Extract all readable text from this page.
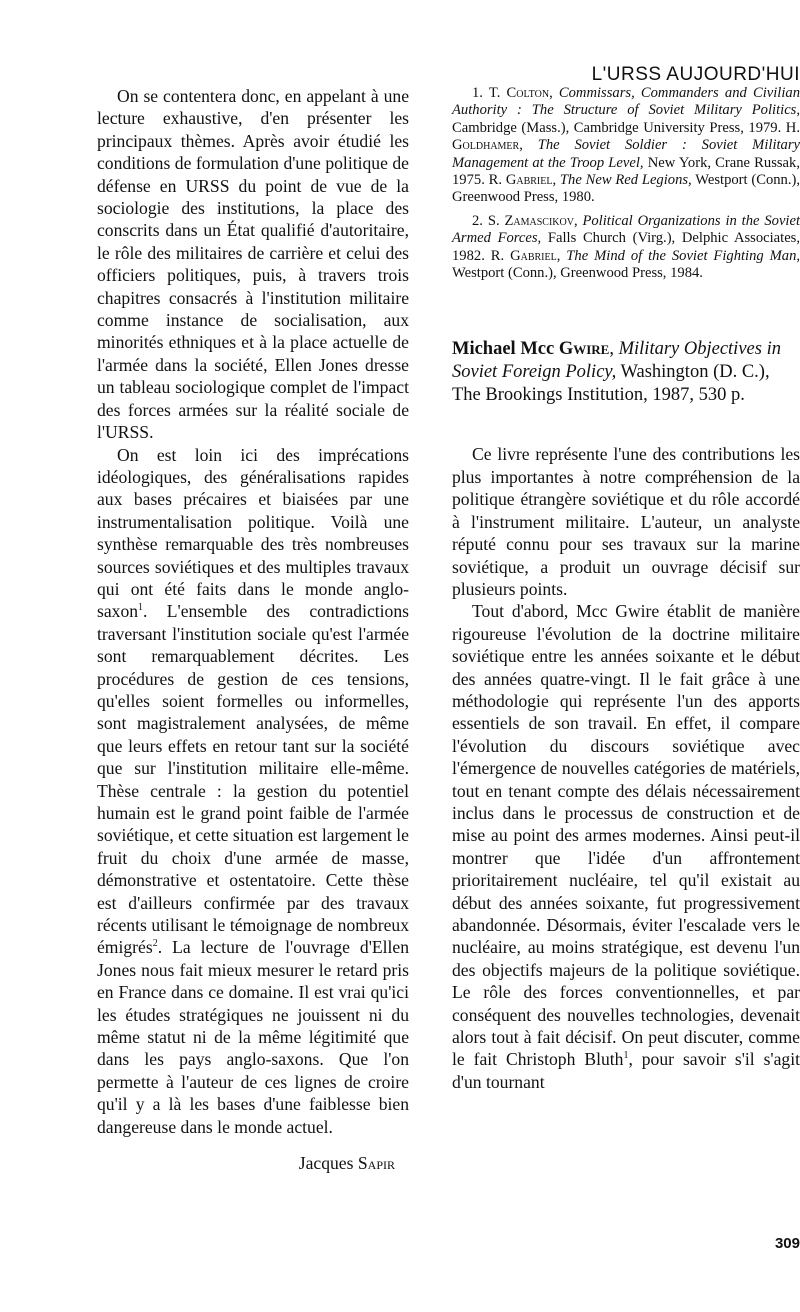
L'URSS AUJOURD'HUI

On se contentera donc, en appelant à une lecture exhaustive, d'en présenter les principaux thèmes. Après avoir étudié les conditions de formulation d'une politique de défense en URSS du point de vue de la sociologie des institutions, la place des conscrits dans un État qualifié d'autoritaire, le rôle des militaires de carrière et celui des officiers politiques, puis, à travers trois chapitres consacrés à l'institution militaire comme instance de socialisation, aux minorités ethniques et à la place actuelle de l'armée dans la société, Ellen Jones dresse un tableau sociologique complet de l'impact des forces armées sur la réalité sociale de l'URSS.

On est loin ici des imprécations idéologiques, des généralisations rapides aux bases précaires et biaisées par une instrumentalisation politique. Voilà une synthèse remarquable des très nombreuses sources soviétiques et des multiples travaux qui ont été faits dans le monde anglo-saxon$^1$. L'ensemble des contradictions traversant l'institution sociale qu'est l'armée sont remarquablement décrites. Les procédures de gestion de ces tensions, qu'elles soient formelles ou informelles, sont magistralement analysées, de même que leurs effets en retour tant sur la société que sur l'institution militaire elle-même. Thèse centrale : la gestion du potentiel humain est le grand point faible de l'armée soviétique, et cette situation est largement le fruit du choix d'une armée de masse, démonstrative et ostentatoire. Cette thèse est d'ailleurs confirmée par des travaux récents utilisant le témoignage de nombreux émigrés$^2$. La lecture de l'ouvrage d'Ellen Jones nous fait mieux mesurer le retard pris en France dans ce domaine. Il est vrai qu'ici les études stratégiques ne jouissent ni du même statut ni de la même légitimité que dans les pays anglo-saxons. Que l'on permette à l'auteur de ces lignes de croire qu'il y a là les bases d'une faiblesse bien dangereuse dans le monde actuel.

Jacques Sapir

1. T. Colton, Commissars, Commanders and Civilian Authority : The Structure of Soviet Military Politics, Cambridge (Mass.), Cambridge University Press, 1979. H. Goldhamer, The Soviet Soldier : Soviet Military Management at the Troop Level, New York, Crane Russak, 1975. R. Gabriel, The New Red Legions, Westport (Conn.), Greenwood Press, 1980.

2. S. Zamascikov, Political Organizations in the Soviet Armed Forces, Falls Church (Virg.), Delphic Associates, 1982. R. Gabriel, The Mind of the Soviet Fighting Man, Westport (Conn.), Greenwood Press, 1984.

Michael Mcc Gwire, Military Objectives in Soviet Foreign Policy, Washington (D. C.), The Brookings Institution, 1987, 530 p.

Ce livre représente l'une des contributions les plus importantes à notre compréhension de la politique étrangère soviétique et du rôle accordé à l'instrument militaire. L'auteur, un analyste réputé connu pour ses travaux sur la marine soviétique, a produit un ouvrage décisif sur plusieurs points.

Tout d'abord, Mcc Gwire établit de manière rigoureuse l'évolution de la doctrine militaire soviétique entre les années soixante et le début des années quatre-vingt. Il le fait grâce à une méthodologie qui représente l'un des apports essentiels de son travail. En effet, il compare l'évolution du discours soviétique avec l'émergence de nouvelles catégories de matériels, tout en tenant compte des délais nécessairement inclus dans le processus de construction et de mise au point des armes modernes. Ainsi peut-il montrer que l'idée d'un affrontement prioritairement nucléaire, tel qu'il existait au début des années soixante, fut progressivement abandonnée. Désormais, éviter l'escalade vers le nucléaire, au moins stratégique, est devenu l'un des objectifs majeurs de la politique soviétique. Le rôle des forces conventionnelles, et par conséquent des nouvelles technologies, devenait alors tout à fait décisif. On peut discuter, comme le fait Christoph Bluth$^1$, pour savoir s'il s'agit d'un tournant

309
